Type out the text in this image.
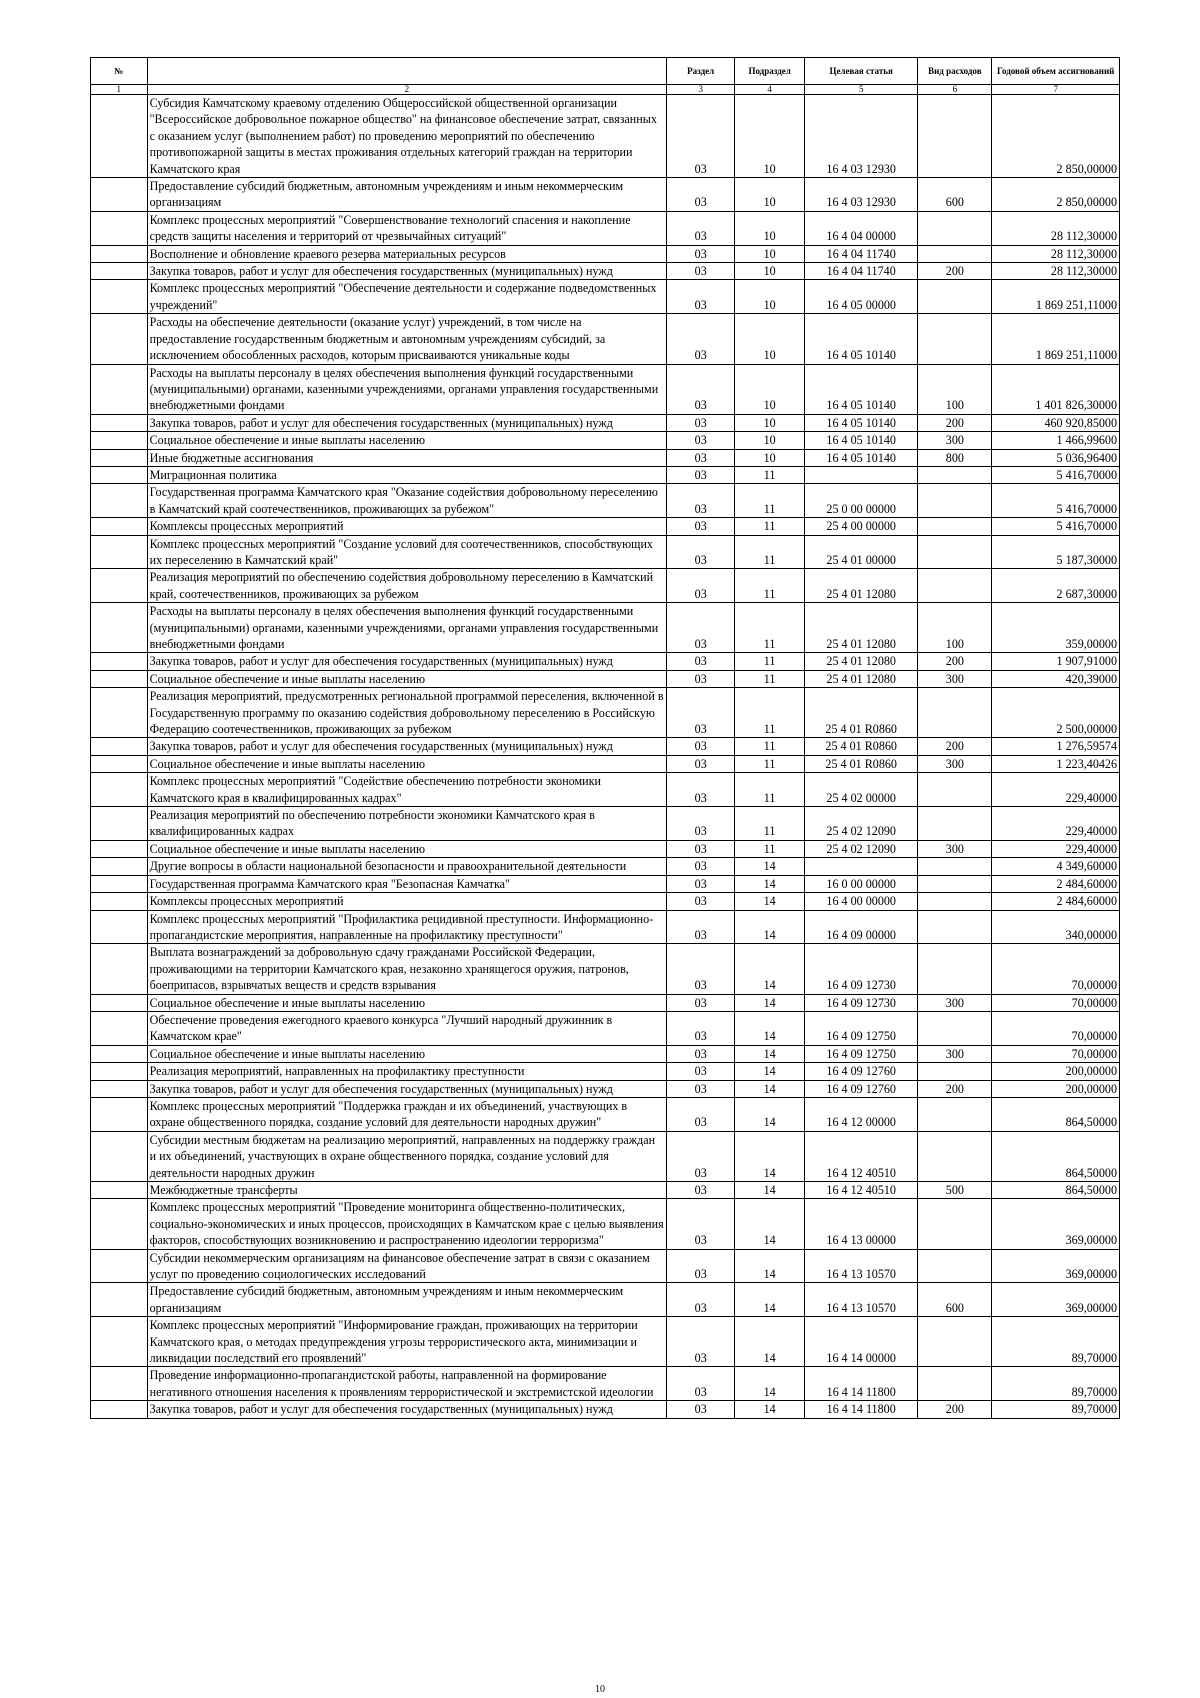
№		Раздел	Подраздел	Целевая статья	Вид расходов	Годовой объем ассигнований
1	2	3	4	5	6	7
	Субсидия Камчатскому краевому отделению Общероссийской общественной организации "Всероссийское добровольное пожарное общество" на финансовое обеспечение затрат, связанных с оказанием услуг (выполнением работ) по проведению мероприятий по обеспечению противопожарной защиты в местах проживания отдельных категорий граждан на территории Камчатского края	03	10	16 4 03 12930		2 850,00000
	Предоставление субсидий бюджетным, автономным учреждениям и иным некоммерческим организациям	03	10	16 4 03 12930	600	2 850,00000
	Комплекс процессных мероприятий "Совершенствование технологий спасения и накопление средств защиты населения и территорий от чрезвычайных ситуаций"	03	10	16 4 04 00000		28 112,30000
	Восполнение и обновление краевого резерва материальных ресурсов	03	10	16 4 04 11740		28 112,30000
	Закупка товаров, работ и услуг для обеспечения государственных (муниципальных) нужд	03	10	16 4 04 11740	200	28 112,30000
	Комплекс процессных мероприятий "Обеспечение деятельности и содержание подведомственных учреждений"	03	10	16 4 05 00000		1 869 251,11000
	Расходы на обеспечение деятельности (оказание услуг) учреждений, в том числе на предоставление государственным бюджетным и автономным учреждениям субсидий, за исключением обособленных расходов, которым присваиваются уникальные коды	03	10	16 4 05 10140		1 869 251,11000
	Расходы на выплаты персоналу в целях обеспечения выполнения функций государственными (муниципальными) органами, казенными учреждениями, органами управления государственными внебюджетными фондами	03	10	16 4 05 10140	100	1 401 826,30000
	Закупка товаров, работ и услуг для обеспечения государственных (муниципальных) нужд	03	10	16 4 05 10140	200	460 920,85000
	Социальное обеспечение и иные выплаты населению	03	10	16 4 05 10140	300	1 466,99600
	Иные бюджетные ассигнования	03	10	16 4 05 10140	800	5 036,96400
	Миграционная политика	03	11			5 416,70000
	Государственная программа Камчатского края "Оказание содействия добровольному переселению в Камчатский край соотечественников, проживающих за рубежом"	03	11	25 0 00 00000		5 416,70000
	Комплексы процессных мероприятий	03	11	25 4 00 00000		5 416,70000
	Комплекс процессных мероприятий "Создание условий для соотечественников, способствующих их переселению в Камчатский край"	03	11	25 4 01 00000		5 187,30000
	Реализация мероприятий по обеспечению содействия добровольному переселению в Камчатский край, соотечественников, проживающих за рубежом	03	11	25 4 01 12080		2 687,30000
	Расходы на выплаты персоналу в целях обеспечения выполнения функций государственными (муниципальными) органами, казенными учреждениями, органами управления государственными внебюджетными фондами	03	11	25 4 01 12080	100	359,00000
	Закупка товаров, работ и услуг для обеспечения государственных (муниципальных) нужд	03	11	25 4 01 12080	200	1 907,91000
	Социальное обеспечение и иные выплаты населению	03	11	25 4 01 12080	300	420,39000
	Реализация мероприятий, предусмотренных региональной программой переселения, включенной в Государственную программу по оказанию содействия добровольному переселению в Российскую Федерацию соотечественников, проживающих за рубежом	03	11	25 4 01 R0860		2 500,00000
	Закупка товаров, работ и услуг для обеспечения государственных (муниципальных) нужд	03	11	25 4 01 R0860	200	1 276,59574
	Социальное обеспечение и иные выплаты населению	03	11	25 4 01 R0860	300	1 223,40426
	Комплекс процессных мероприятий "Содействие обеспечению потребности экономики Камчатского края в квалифицированных кадрах"	03	11	25 4 02 00000		229,40000
	Реализация мероприятий по обеспечению потребности экономики Камчатского края в квалифицированных кадрах	03	11	25 4 02 12090		229,40000
	Социальное обеспечение и иные выплаты населению	03	11	25 4 02 12090	300	229,40000
	Другие вопросы в области национальной безопасности и правоохранительной деятельности	03	14			4 349,60000
	Государственная программа Камчатского края "Безопасная Камчатка"	03	14	16 0 00 00000		2 484,60000
	Комплексы процессных мероприятий	03	14	16 4 00 00000		2 484,60000
	Комплекс процессных мероприятий "Профилактика рецидивной преступности. Информационно-пропагандистские мероприятия, направленные на профилактику преступности"	03	14	16 4 09 00000		340,00000
	Выплата вознаграждений за добровольную сдачу гражданами Российской Федерации, проживающими на территории Камчатского края, незаконно хранящегося оружия, патронов, боеприпасов, взрывчатых веществ и средств взрывания	03	14	16 4 09 12730		70,00000
	Социальное обеспечение и иные выплаты населению	03	14	16 4 09 12730	300	70,00000
	Обеспечение проведения ежегодного краевого конкурса "Лучший народный дружинник в Камчатском крае"	03	14	16 4 09 12750		70,00000
	Социальное обеспечение и иные выплаты населению	03	14	16 4 09 12750	300	70,00000
	Реализация мероприятий, направленных на профилактику преступности	03	14	16 4 09 12760		200,00000
	Закупка товаров, работ и услуг для обеспечения государственных (муниципальных) нужд	03	14	16 4 09 12760	200	200,00000
	Комплекс процессных мероприятий "Поддержка граждан и их объединений, участвующих в охране общественного порядка, создание условий для деятельности народных дружин"	03	14	16 4 12 00000		864,50000
	Субсидии местным бюджетам на реализацию мероприятий, направленных на поддержку граждан и их объединений, участвующих в охране общественного порядка, создание условий для деятельности народных дружин	03	14	16 4 12 40510		864,50000
	Межбюджетные трансферты	03	14	16 4 12 40510	500	864,50000
	Комплекс процессных мероприятий "Проведение мониторинга общественно-политических, социально-экономических и иных процессов, происходящих в Камчатском крае с целью выявления факторов, способствующих возникновению и распространению идеологии терроризма"	03	14	16 4 13 00000		369,00000
	Субсидии некоммерческим организациям на финансовое обеспечение затрат в связи с оказанием услуг по проведению социологических исследований	03	14	16 4 13 10570		369,00000
	Предоставление субсидий бюджетным, автономным учреждениям и иным некоммерческим организациям	03	14	16 4 13 10570	600	369,00000
	Комплекс процессных мероприятий "Информирование граждан, проживающих на территории Камчатского края, о методах предупреждения угрозы террористического акта, минимизации и ликвидации последствий его проявлений"	03	14	16 4 14 00000		89,70000
	Проведение информационно-пропагандистской работы, направленной на формирование негативного отношения населения к проявлениям террористической и экстремистской идеологии	03	14	16 4 14 11800		89,70000
	Закупка товаров, работ и услуг для обеспечения государственных (муниципальных) нужд	03	14	16 4 14 11800	200	89,70000
10
